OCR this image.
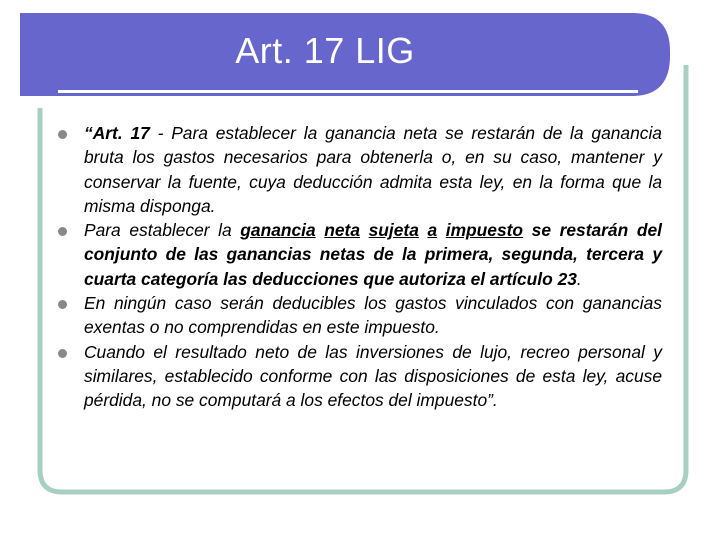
Art. 17 LIG
“Art. 17 - Para establecer la ganancia neta se restarán de la ganancia bruta los gastos necesarios para obtenerla o, en su caso, mantener y conservar la fuente, cuya deducción admita esta ley, en la forma que la misma disponga.
Para establecer la ganancia neta sujeta a impuesto se restarán del conjunto de las ganancias netas de la primera, segunda, tercera y cuarta categoría las deducciones que autoriza el artículo 23.
En ningún caso serán deducibles los gastos vinculados con ganancias exentas o no comprendidas en este impuesto.
Cuando el resultado neto de las inversiones de lujo, recreo personal y similares, establecido conforme con las disposiciones de esta ley, acuse pérdida, no se computará a los efectos del impuesto”.
